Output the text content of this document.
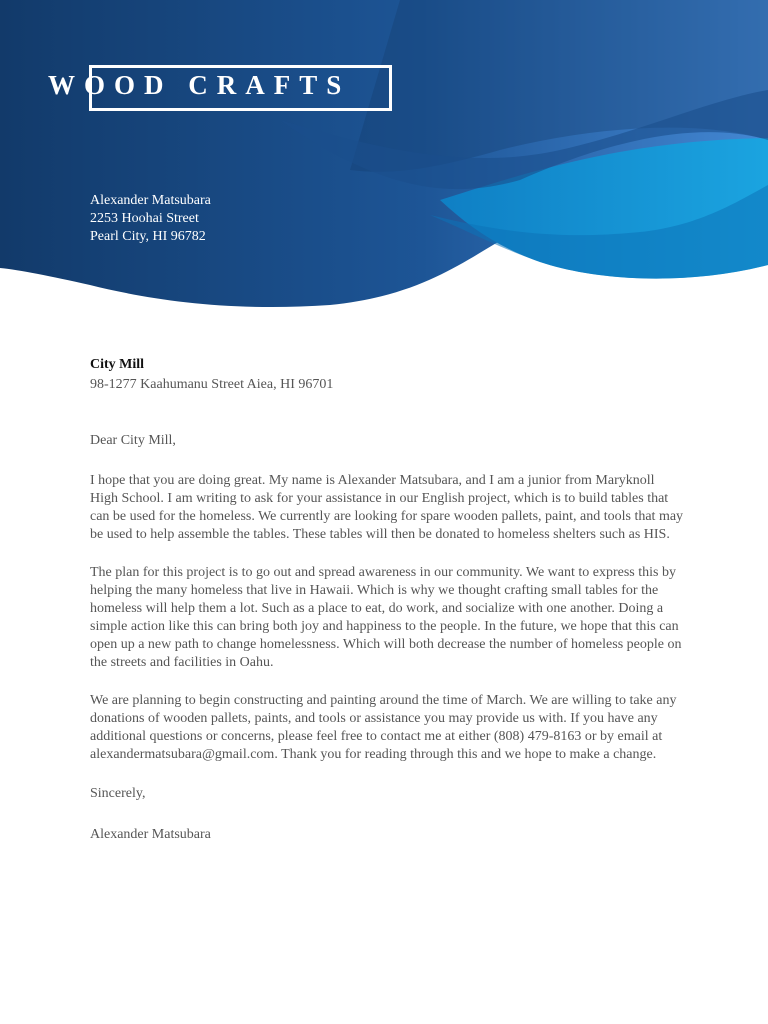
WOOD CRAFTS
Alexander Matsubara
2253 Hoohai Street
Pearl City, HI 96782

City Mill

98-1277 Kaahumanu Street Aiea, HI 96701

Dear City Mill,

I hope that you are doing great. My name is Alexander Matsubara, and I am a junior from Maryknoll High School. I am writing to ask for your assistance in our English project, which is to build tables that can be used for the homeless. We currently are looking for spare wooden pallets, paint, and tools that may be used to help assemble the tables. These tables will then be donated to homeless shelters such as HIS.

The plan for this project is to go out and spread awareness in our community. We want to express this by helping the many homeless that live in Hawaii. Which is why we thought crafting small tables for the homeless will help them a lot. Such as a place to eat, do work, and socialize with one another. Doing a simple action like this can bring both joy and happiness to the people. In the future, we hope that this can open up a new path to change homelessness. Which will both decrease the number of homeless people on the streets and facilities in Oahu.

We are planning to begin constructing and painting around the time of March. We are willing to take any donations of wooden pallets, paints, and tools or assistance you may provide us with. If you have any additional questions or concerns, please feel free to contact me at either (808) 479-8163 or by email at alexandermatsubara@gmail.com. Thank you for reading through this and we hope to make a change.

Sincerely,

Alexander Matsubara
